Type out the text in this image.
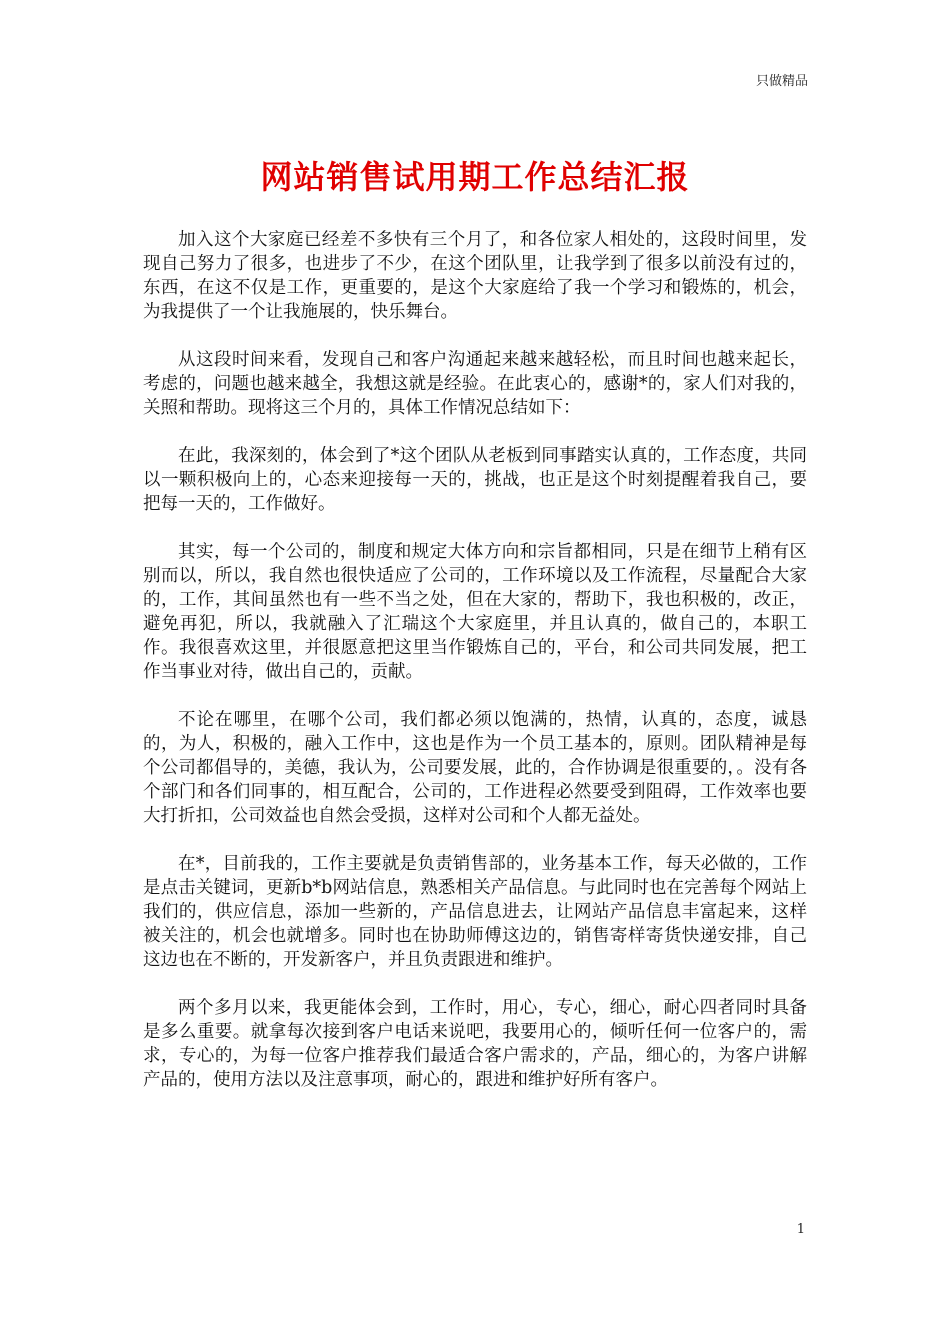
只做精品
网站销售试用期工作总结汇报

加入这个大家庭已经差不多快有三个月了，和各位家人相处的，这段时间里，发现自己努力了很多，也进步了不少，在这个团队里，让我学到了很多以前没有过的，东西，在这不仅是工作，更重要的，是这个大家庭给了我一个学习和锻炼的，机会，为我提供了一个让我施展的，快乐舞台。

从这段时间来看，发现自己和客户沟通起来越来越轻松，而且时间也越来起长，考虑的，问题也越来越全，我想这就是经验。在此衷心的，感谢*的，家人们对我的，关照和帮助。现将这三个月的，具体工作情况总结如下：

在此，我深刻的，体会到了*这个团队从老板到同事踏实认真的，工作态度，共同以一颗积极向上的，心态来迎接每一天的，挑战，也正是这个时刻提醒着我自己，要把每一天的，工作做好。

其实，每一个公司的，制度和规定大体方向和宗旨都相同，只是在细节上稍有区别而以，所以，我自然也很快适应了公司的，工作环境以及工作流程，尽量配合大家的，工作，其间虽然也有一些不当之处，但在大家的，帮助下，我也积极的，改正，避免再犯，所以，我就融入了汇瑞这个大家庭里，并且认真的，做自己的，本职工作。我很喜欢这里，并很愿意把这里当作锻炼自己的，平台，和公司共同发展，把工作当事业对待，做出自己的，贡献。

不论在哪里，在哪个公司，我们都必须以饱满的，热情，认真的，态度，诚恳的，为人，积极的，融入工作中，这也是作为一个员工基本的，原则。团队精神是每个公司都倡导的，美德，我认为，公司要发展，此的，合作协调是很重要的，。没有各个部门和各们同事的，相互配合，公司的，工作进程必然要受到阻碍，工作效率也要大打折扣，公司效益也自然会受损，这样对公司和个人都无益处。

在*，目前我的，工作主要就是负责销售部的，业务基本工作，每天必做的，工作是点击关键词，更新b*b网站信息，熟悉相关产品信息。与此同时也在完善每个网站上我们的，供应信息，添加一些新的，产品信息进去，让网站产品信息丰富起来，这样被关注的，机会也就增多。同时也在协助师傅这边的，销售寄样寄货快递安排，自己这边也在不断的，开发新客户，并且负责跟进和维护。

两个多月以来，我更能体会到，工作时，用心，专心，细心，耐心四者同时具备是多么重要。就拿每次接到客户电话来说吧，我要用心的，倾听任何一位客户的，需求，专心的，为每一位客户推荐我们最适合客户需求的，产品，细心的，为客户讲解产品的，使用方法以及注意事项，耐心的，跟进和维护好所有客户。

1
